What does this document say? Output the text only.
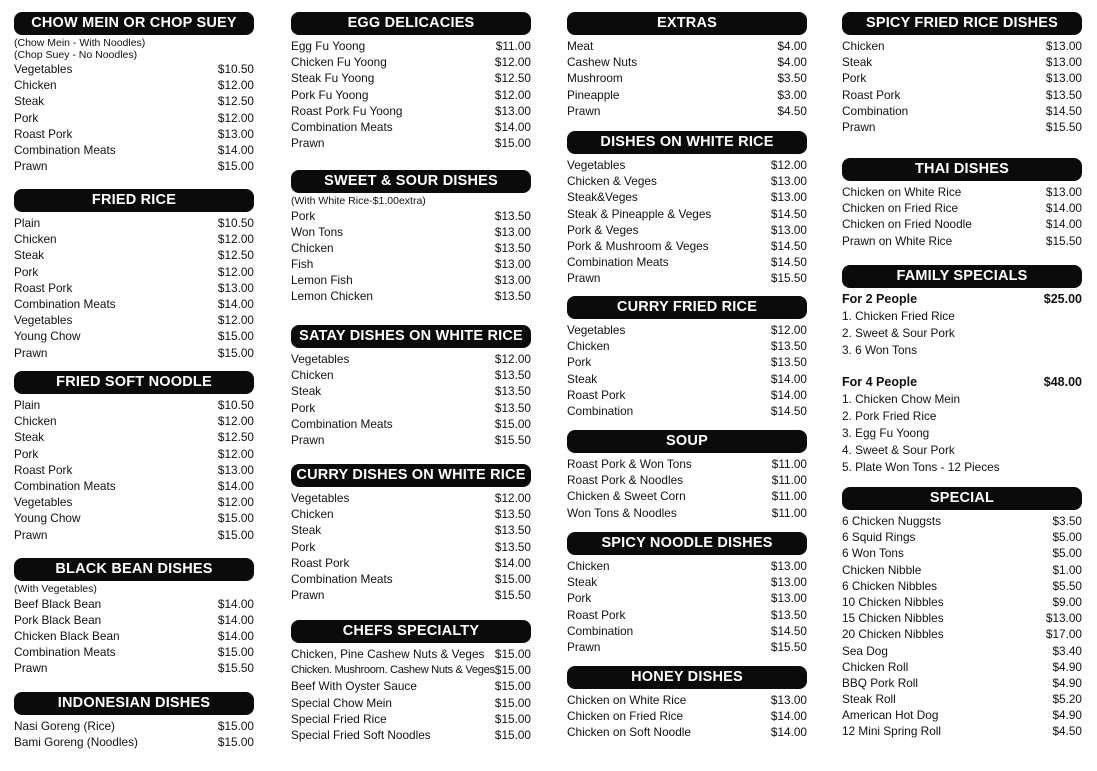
CHOW MEIN OR CHOP SUEY
(Chow Mein - With Noodles)
(Chop Suey - No Noodles)
Vegetables	$10.50
Chicken	$12.00
Steak	$12.50
Pork	$12.00
Roast Pork	$13.00
Combination Meats	$14.00
Prawn	$15.00
FRIED RICE
Plain	$10.50
Chicken	$12.00
Steak	$12.50
Pork	$12.00
Roast Pork	$13.00
Combination Meats	$14.00
Vegetables	$12.00
Young Chow	$15.00
Prawn	$15.00
FRIED SOFT NOODLE
Plain	$10.50
Chicken	$12.00
Steak	$12.50
Pork	$12.00
Roast Pork	$13.00
Combination Meats	$14.00
Vegetables	$12.00
Young Chow	$15.00
Prawn	$15.00
BLACK BEAN DISHES
(With Vegetables)
Beef Black Bean	$14.00
Pork Black Bean	$14.00
Chicken Black Bean	$14.00
Combination Meats	$15.00
Prawn	$15.50
INDONESIAN DISHES
Nasi Goreng (Rice)	$15.00
Bami Goreng (Noodles)	$15.00
EGG DELICACIES
Egg Fu Yoong	$11.00
Chicken Fu Yoong	$12.00
Steak Fu Yoong	$12.50
Pork Fu Yoong	$12.00
Roast Pork Fu Yoong	$13.00
Combination Meats	$14.00
Prawn	$15.00
SWEET & SOUR DISHES
(With White Rice-$1.00extra)
Pork	$13.50
Won Tons	$13.00
Chicken	$13.50
Fish	$13.00
Lemon Fish	$13.00
Lemon Chicken	$13.50
SATAY DISHES ON WHITE RICE
Vegetables	$12.00
Chicken	$13.50
Steak	$13.50
Pork	$13.50
Combination Meats	$15.00
Prawn	$15.50
CURRY DISHES ON WHITE RICE
Vegetables	$12.00
Chicken	$13.50
Steak	$13.50
Pork	$13.50
Roast Pork	$14.00
Combination Meats	$15.00
Prawn	$15.50
CHEFS SPECIALTY
Chicken, Pine Cashew Nuts & Veges $15.00
Chicken. Mushroom. Cashew Nuts & Veges $15.00
Beef With Oyster Sauce	$15.00
Special Chow Mein	$15.00
Special Fried Rice	$15.00
Special Fried Soft Noodles	$15.00
EXTRAS
Meat	$4.00
Cashew Nuts	$4.00
Mushroom	$3.50
Pineapple	$3.00
Prawn	$4.50
DISHES ON WHITE RICE
Vegetables	$12.00
Chicken & Veges	$13.00
Steak&Veges	$13.00
Steak & Pineapple & Veges	$14.50
Pork & Veges	$13.00
Pork & Mushroom & Veges	$14.50
Combination Meats	$14.50
Prawn	$15.50
CURRY FRIED RICE
Vegetables	$12.00
Chicken	$13.50
Pork	$13.50
Steak	$14.00
Roast Pork	$14.00
Combination	$14.50
SOUP
Roast Pork & Won Tons	$11.00
Roast Pork & Noodles	$11.00
Chicken & Sweet Corn	$11.00
Won Tons & Noodles	$11.00
SPICY NOODLE DISHES
Chicken	$13.00
Steak	$13.00
Pork	$13.00
Roast Pork	$13.50
Combination	$14.50
Prawn	$15.50
HONEY DISHES
Chicken on White Rice	$13.00
Chicken on Fried Rice	$14.00
Chicken on Soft Noodle	$14.00
SPICY FRIED RICE DISHES
Chicken	$13.00
Steak	$13.00
Pork	$13.00
Roast Pork	$13.50
Combination	$14.50
Prawn	$15.50
THAI DISHES
Chicken on White Rice	$13.00
Chicken on Fried Rice	$14.00
Chicken on Fried Noodle	$14.00
Prawn on White Rice	$15.50
FAMILY SPECIALS
For 2 People	$25.00
1. Chicken Fried Rice
2. Sweet & Sour Pork
3. 6 Won Tons
For 4 People	$48.00
1. Chicken Chow Mein
2. Pork Fried Rice
3. Egg Fu Yoong
4. Sweet & Sour Pork
5. Plate Won Tons - 12 Pieces
SPECIAL
6 Chicken Nuggsts	$3.50
6 Squid Rings	$5.00
6 Won Tons	$5.00
Chicken Nibble	$1.00
6 Chicken Nibbles	$5.50
10 Chicken Nibbles	$9.00
15 Chicken Nibbles	$13.00
20 Chicken Nibbles	$17.00
Sea Dog	$3.40
Chicken Roll	$4.90
BBQ Pork Roll	$4.90
Steak Roll	$5.20
American Hot Dog	$4.90
12 Mini Spring Roll	$4.50
